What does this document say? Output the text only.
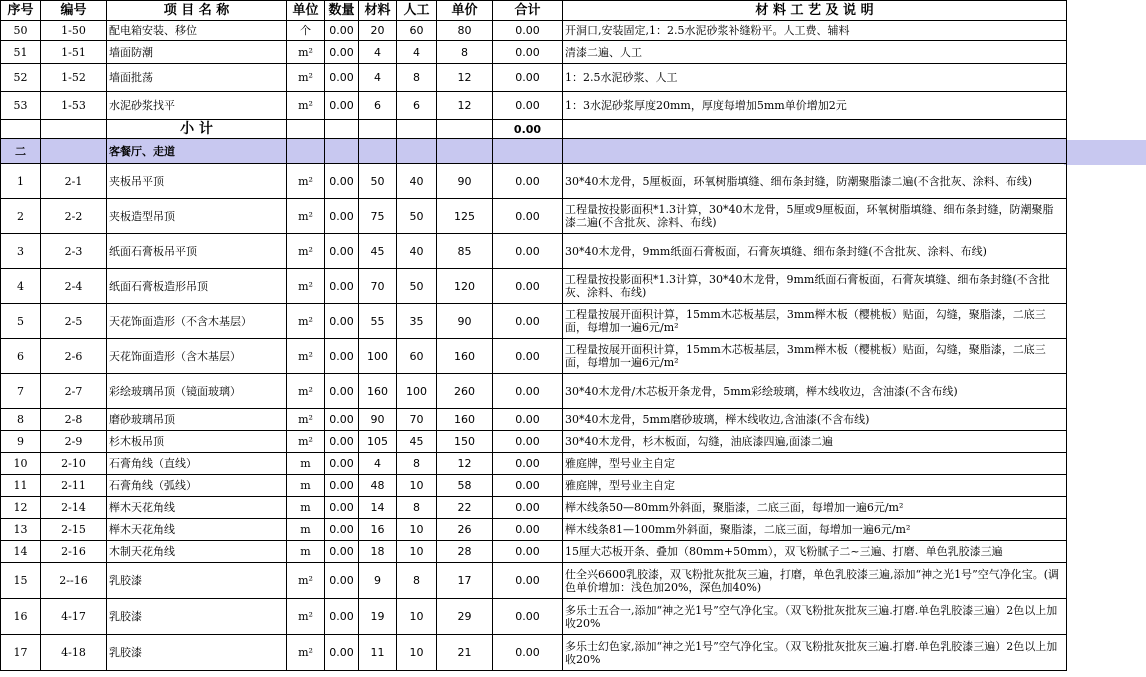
序号	编号	项 目 名 称	单位	数量	材料	人工	单价	合计	材 料 工 艺 及 说 明
50	1-50	配电箱安装、移位	个	0.00	20	60	80	0.00	开洞口,安装固定,1：2.5水泥砂浆补缝粉平。人工费、辅料
51	1-51	墙面防潮	m²	0.00	4	4	8	0.00	清漆二遍、人工
52	1-52	墙面批荡	m²	0.00	4	8	12	0.00	1：2.5水泥砂浆、人工
53	1-53	水泥砂浆找平	m²	0.00	6	6	12	0.00	1：3水泥砂浆厚度20mm，厚度每增加5mm单价增加2元
		小 计						0.00	
二		客餐厅、走道							
1	2-1	夹板吊平顶	m²	0.00	50	40	90	0.00	30*40木龙骨，5厘板面，环氧树脂填缝、细布条封缝，防潮聚脂漆二遍(不含批灰、涂料、布线)
2	2-2	夹板造型吊顶	m²	0.00	75	50	125	0.00	工程量按投影面积*1.3计算，30*40木龙骨，5厘或9厘板面，环氧树脂填缝、细布条封缝，防潮聚脂漆二遍(不含批灰、涂料、布线)
3	2-3	纸面石膏板吊平顶	m²	0.00	45	40	85	0.00	30*40木龙骨，9mm纸面石膏板面，石膏灰填缝、细布条封缝(不含批灰、涂料、布线)
4	2-4	纸面石膏板造形吊顶	m²	0.00	70	50	120	0.00	工程量按投影面积*1.3计算，30*40木龙骨，9mm纸面石膏板面，石膏灰填缝、细布条封缝(不含批灰、涂料、布线)
5	2-5	天花饰面造形（不含木基层）	m²	0.00	55	35	90	0.00	工程量按展开面积计算，15mm木芯板基层，3mm榉木板（樱桃板）贴面，勾缝，聚脂漆，二底三面，每增加一遍6元/m²
6	2-6	天花饰面造形（含木基层）	m²	0.00	100	60	160	0.00	工程量按展开面积计算，15mm木芯板基层，3mm榉木板（樱桃板）贴面，勾缝，聚脂漆，二底三面，每增加一遍6元/m²
7	2-7	彩绘玻璃吊顶（镜面玻璃）	m²	0.00	160	100	260	0.00	30*40木龙骨/木芯板开条龙骨，5mm彩绘玻璃，榉木线收边，含油漆(不含布线)
8	2-8	磨砂玻璃吊顶	m²	0.00	90	70	160	0.00	30*40木龙骨，5mm磨砂玻璃，榉木线收边,含油漆(不含布线)
9	2-9	杉木板吊顶	m²	0.00	105	45	150	0.00	30*40木龙骨，杉木板面，勾缝，油底漆四遍,面漆二遍
10	2-10	石膏角线（直线）	m	0.00	4	8	12	0.00	雅庭牌，型号业主自定
11	2-11	石膏角线（弧线）	m	0.00	48	10	58	0.00	雅庭牌，型号业主自定
12	2-14	榉木天花角线	m	0.00	14	8	22	0.00	榉木线条50—80mm外斜面，聚脂漆，二底三面，每增加一遍6元/m²
13	2-15	榉木天花角线	m	0.00	16	10	26	0.00	榉木线条81—100mm外斜面，聚脂漆，二底三面，每增加一遍6元/m²
14	2-16	木制天花角线	m	0.00	18	10	28	0.00	15厘大芯板开条、叠加（80mm+50mm），双飞粉腻子二~三遍、打磨、单色乳胶漆三遍
15	2--16	乳胶漆	m²	0.00	9	8	17	0.00	仕全兴6600乳胶漆，双飞粉批灰批灰三遍，打磨，单色乳胶漆三遍,添加“神之光1号”空气净化宝。(调色单价增加：浅色加20%，深色加40%)
16	4-17	乳胶漆	m²	0.00	19	10	29	0.00	多乐士五合一,添加“神之光1号”空气净化宝。（双飞粉批灰批灰三遍.打磨.单色乳胶漆三遍）2色以上加收20%
17	4-18	乳胶漆	m²	0.00	11	10	21	0.00	多乐士幻色家,添加“神之光1号”空气净化宝。（双飞粉批灰批灰三遍.打磨.单色乳胶漆三遍）2色以上加收20%
